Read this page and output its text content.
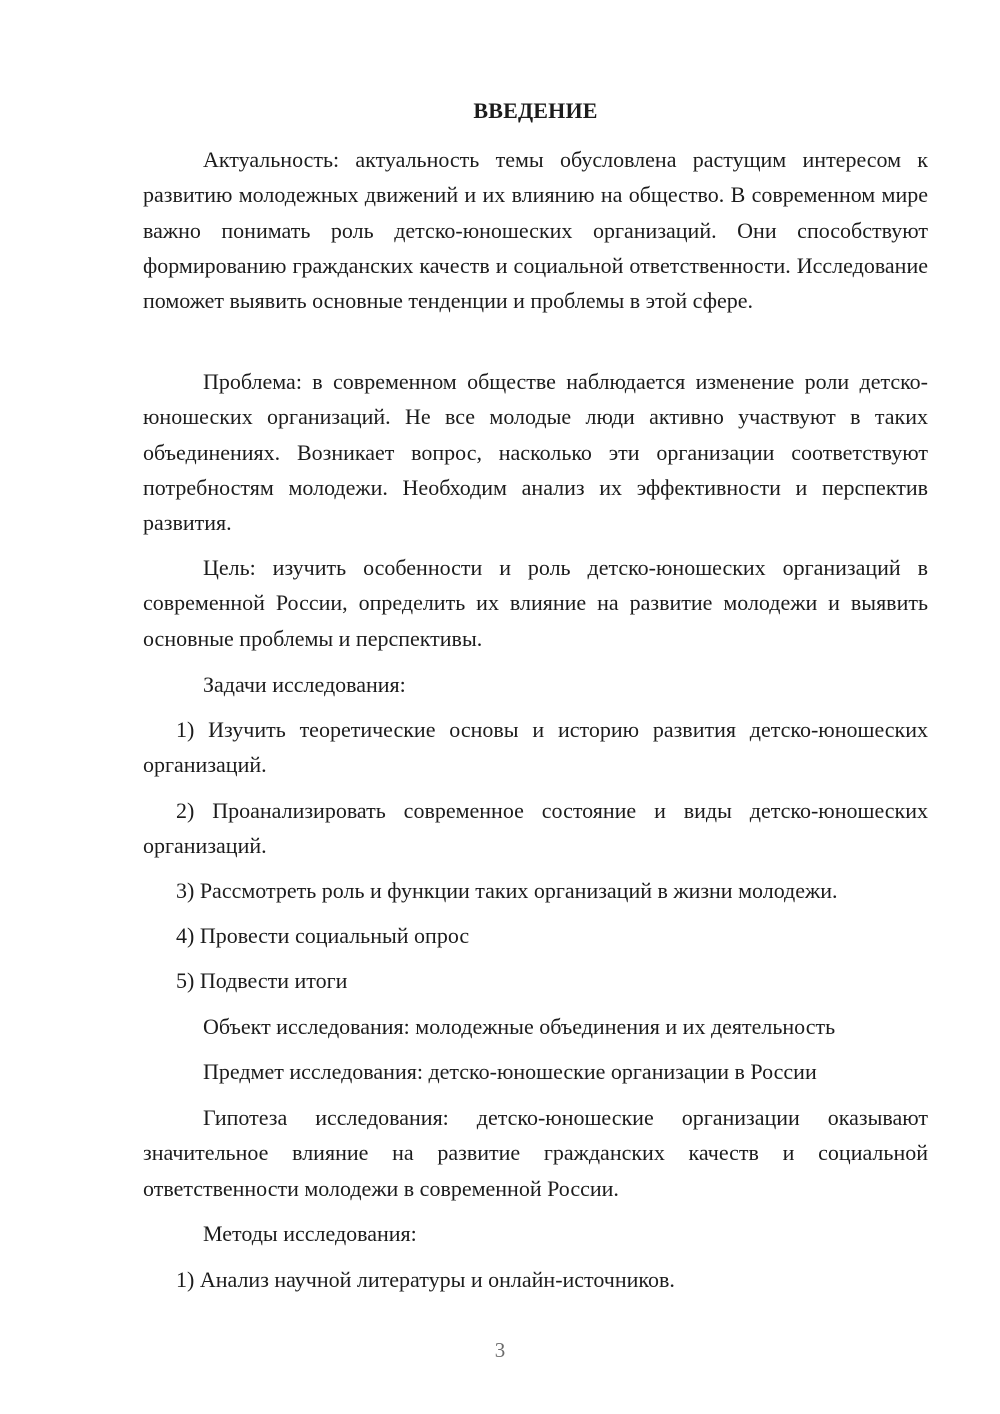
ВВЕДЕНИЕ
Актуальность: актуальность темы обусловлена растущим интересом к развитию молодежных движений и их влиянию на общество. В современном мире важно понимать роль детско-юношеских организаций. Они способствуют формированию гражданских качеств и социальной ответственности. Исследование поможет выявить основные тенденции и проблемы в этой сфере.
Проблема: в современном обществе наблюдается изменение роли детско-юношеских организаций. Не все молодые люди активно участвуют в таких объединениях. Возникает вопрос, насколько эти организации соответствуют потребностям молодежи. Необходим анализ их эффективности и перспектив развития.
Цель: изучить особенности и роль детско-юношеских организаций в современной России, определить их влияние на развитие молодежи и выявить основные проблемы и перспективы.
Задачи исследования:
1) Изучить теоретические основы и историю развития детско-юношеских организаций.
2) Проанализировать современное состояние и виды детско-юношеских организаций.
3) Рассмотреть роль и функции таких организаций в жизни молодежи.
4) Провести социальный опрос
5) Подвести итоги
Объект исследования: молодежные объединения и их деятельность
Предмет исследования: детско-юношеские организации в России
Гипотеза исследования: детско-юношеские организации оказывают значительное влияние на развитие гражданских качеств и социальной ответственности молодежи в современной России.
Методы исследования:
1) Анализ научной литературы и онлайн-источников.
3
